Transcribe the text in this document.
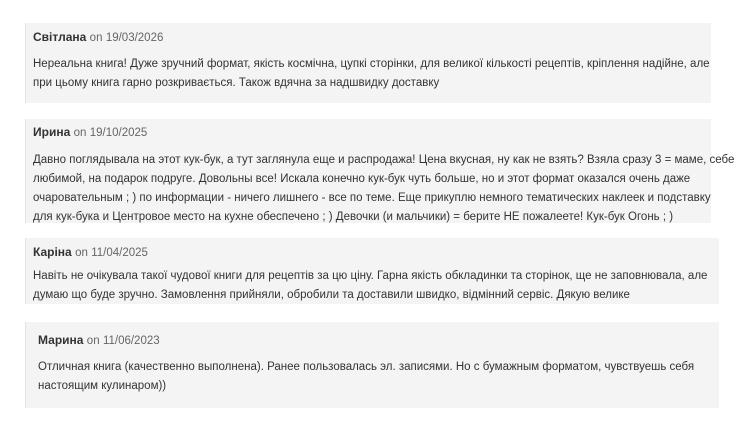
Світлана on 19/03/2026
Нереальна книга! Дуже зручний формат, якість космічна, цупкі сторінки, для великої кількості рецептів, кріплення надійне, але
при цьому книга гарно розкривається. Також вдячна за надшвидку доставку
Ирина on 19/10/2025
Давно поглядывала на этот кук-бук, а тут заглянула еще и распродажа! Цена вкусная, ну как не взять? Взяла сразу 3 = маме, себе
любимой, на подарок подруге. Довольны все! Искала конечно кук-бук чуть больше, но и этот формат оказался очень даже
очаровательным ; ) по информации - ничего лишнего - все по теме. Еще прикуплю немного тематических наклеек и подставку
для кук-бука и Центровое место на кухне обеспечено ; ) Девочки (и мальчики) = берите НЕ пожалеете! Кук-бук Огонь ; )
Каріна on 11/04/2025
Навіть не очікувала такої чудової книги для рецептів за цю ціну. Гарна якість обкладинки та сторінок, ще не заповнювала, але
думаю що буде зручно. Замовлення прийняли, обробили та доставили швидко, відмінний сервіс. Дякую велике
Марина on 11/06/2023
Отличная книга (качественно выполнена). Ранее пользовалась эл. записями. Но с бумажным форматом, чувствуешь себя
настоящим кулинаром))
